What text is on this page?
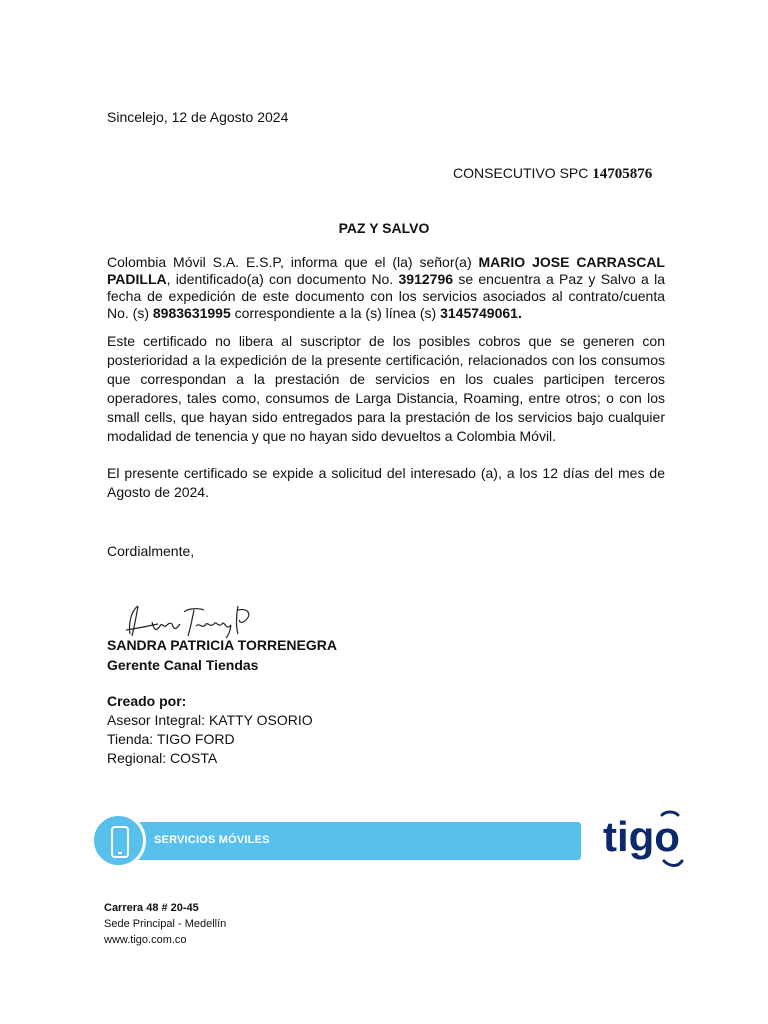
Sincelejo, 12 de Agosto 2024
CONSECUTIVO SPC 14705876
PAZ Y SALVO
Colombia Móvil S.A. E.S.P, informa que el (la) señor(a) MARIO JOSE CARRASCAL PADILLA, identificado(a) con documento No. 3912796 se encuentra a Paz y Salvo a la fecha de expedición de este documento con los servicios asociados al contrato/cuenta No. (s) 8983631995 correspondiente a la (s) línea (s) 3145749061.
Este certificado no libera al suscriptor de los posibles cobros que se generen con posterioridad a la expedición de la presente certificación, relacionados con los consumos que correspondan a la prestación de servicios en los cuales participen terceros operadores, tales como, consumos de Larga Distancia, Roaming, entre otros; o con los small cells, que hayan sido entregados para la prestación de los servicios bajo cualquier modalidad de tenencia y que no hayan sido devueltos a Colombia Móvil.
El presente certificado se expide a solicitud del interesado (a), a los 12 días del mes de Agosto de 2024.
Cordialmente,
SANDRA PATRICIA TORRENEGRA
Gerente Canal Tiendas
Creado por:
Asesor Integral: KATTY OSORIO
Tienda: TIGO FORD
Regional: COSTA
SERVICIOS MÓVILES	tigo
Carrera 48 # 20-45
Sede Principal - Medellín
www.tigo.com.co
